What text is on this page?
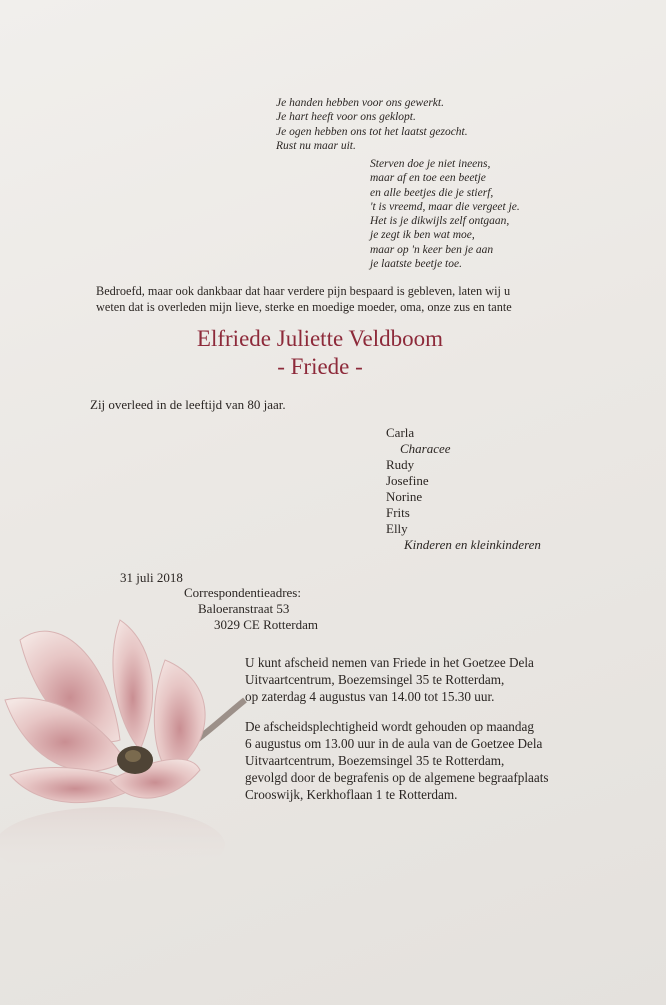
Je handen hebben voor ons gewerkt.
Je hart heeft voor ons geklopt.
Je ogen hebben ons tot het laatst gezocht.
Rust nu maar uit.
Sterven doe je niet ineens,
maar af en toe een beetje
en alle beetjes die je stierf,
't is vreemd, maar die vergeet je.
Het is je dikwijls zelf ontgaan,
je zegt ik ben wat moe,
maar op 'n keer ben je aan
je laatste beetje toe.
Bedroefd, maar ook dankbaar dat haar verdere pijn bespaard is gebleven, laten wij u
weten dat is overleden mijn lieve, sterke en moedige moeder, oma, onze zus en tante
Elfriede Juliette Veldboom
- Friede -
Zij overleed in de leeftijd van 80 jaar.
Carla
Characee
Rudy
Josefine
Norine
Frits
Elly
Kinderen en kleinkinderen
31 juli 2018
Correspondentieadres:
Baloeranstraat 53
3029 CE Rotterdam
U kunt afscheid nemen van Friede in het Goetzee Dela
Uitvaartcentrum, Boezemsingel 35 te Rotterdam,
op zaterdag 4 augustus van 14.00 tot 15.30 uur.
De afscheidsplechtigheid wordt gehouden op maandag
6 augustus om 13.00 uur in de aula van de Goetzee Dela
Uitvaartcentrum, Boezemsingel 35 te Rotterdam,
gevolgd door de begrafenis op de algemene begraafplaats
Crooswijk, Kerkhoflaan 1 te Rotterdam.
